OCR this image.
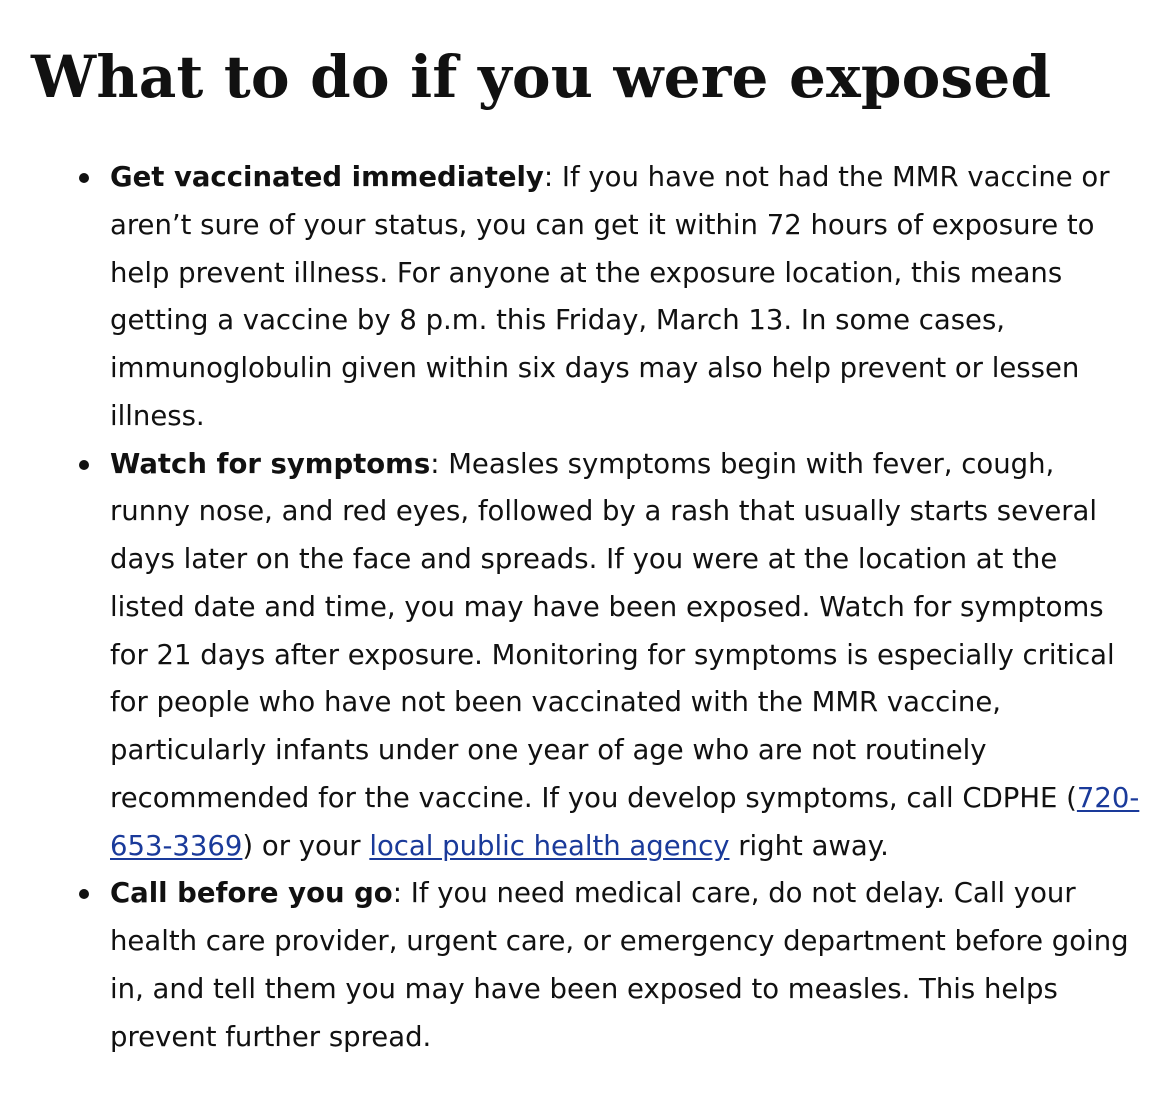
What to do if you were exposed
Get vaccinated immediately: If you have not had the MMR vaccine or aren’t sure of your status, you can get it within 72 hours of exposure to help prevent illness. For anyone at the exposure location, this means getting a vaccine by 8 p.m. this Friday, March 13. In some cases, immunoglobulin given within six days may also help prevent or lessen illness.
Watch for symptoms: Measles symptoms begin with fever, cough, runny nose, and red eyes, followed by a rash that usually starts several days later on the face and spreads. If you were at the location at the listed date and time, you may have been exposed. Watch for symptoms for 21 days after exposure. Monitoring for symptoms is especially critical for people who have not been vaccinated with the MMR vaccine, particularly infants under one year of age who are not routinely recommended for the vaccine. If you develop symptoms, call CDPHE (720-653-3369) or your local public health agency right away.
Call before you go: If you need medical care, do not delay. Call your health care provider, urgent care, or emergency department before going in, and tell them you may have been exposed to measles. This helps prevent further spread.
